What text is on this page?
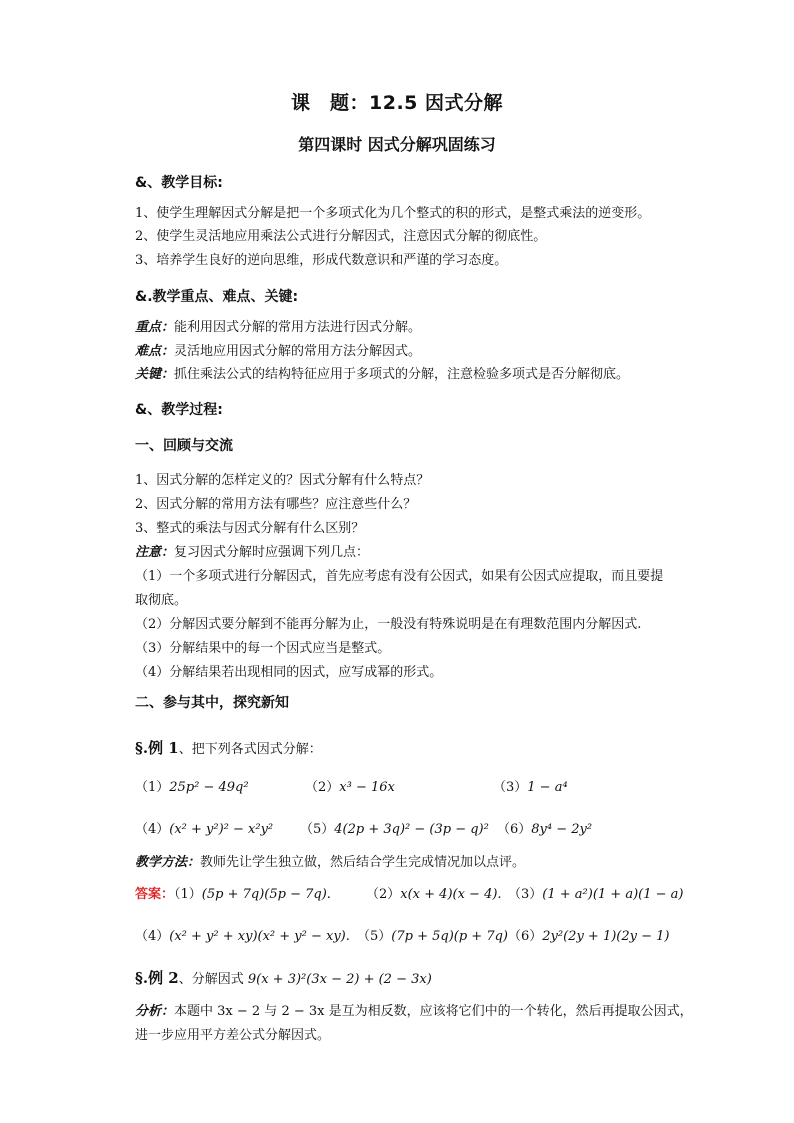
课　题：12.5 因式分解
第四课时 因式分解巩固练习
&、教学目标:
1、使学生理解因式分解是把一个多项式化为几个整式的积的形式，是整式乘法的逆变形。
2、使学生灵活地应用乘法公式进行分解因式，注意因式分解的彻底性。
3、培养学生良好的逆向思维，形成代数意识和严谨的学习态度。
&.教学重点、难点、关键:
重点：能利用因式分解的常用方法进行因式分解。
难点：灵活地应用因式分解的常用方法分解因式。
关键：抓住乘法公式的结构特征应用于多项式的分解，注意检验多项式是否分解彻底。
&、教学过程:
一、回顾与交流
1、因式分解的怎样定义的？因式分解有什么特点？
2、因式分解的常用方法有哪些？应注意些什么？
3、整式的乘法与因式分解有什么区别？
注意：复习因式分解时应强调下列几点：
（1）一个多项式进行分解因式，首先应考虑有没有公因式，如果有公因式应提取，而且要提
取彻底。
（2）分解因式要分解到不能再分解为止，一般没有特殊说明是在有理数范围内分解因式.
（3）分解结果中的每一个因式应当是整式。
（4）分解结果若出现相同的因式，应写成幂的形式。
二、参与其中，探究新知
§.例 1、把下列各式因式分解：
（1）25p² − 49q²	（2）x³ − 16x	（3）1 − a⁴
（4）(x² + y²)² − x²y² （5）4(2p + 3q)² − (3p − q)² （6）8y⁴ − 2y²
教学方法：教师先让学生独立做，然后结合学生完成情况加以点评。
答案：（1）(5p + 7q)(5p − 7q).	（2）x(x + 4)(x − 4). （3）(1 + a²)(1 + a)(1 − a)
（4）(x² + y² + xy)(x² + y² − xy). （5）(7p + 5q)(p + 7q) （6）2y²(2y + 1)(2y − 1)
§.例 2、分解因式 9(x + 3)²(3x − 2) + (2 − 3x)
分析：本题中 3x − 2 与 2 − 3x 是互为相反数，应该将它们中的一个转化，然后再提取公因式，
进一步应用平方差公式分解因式。
